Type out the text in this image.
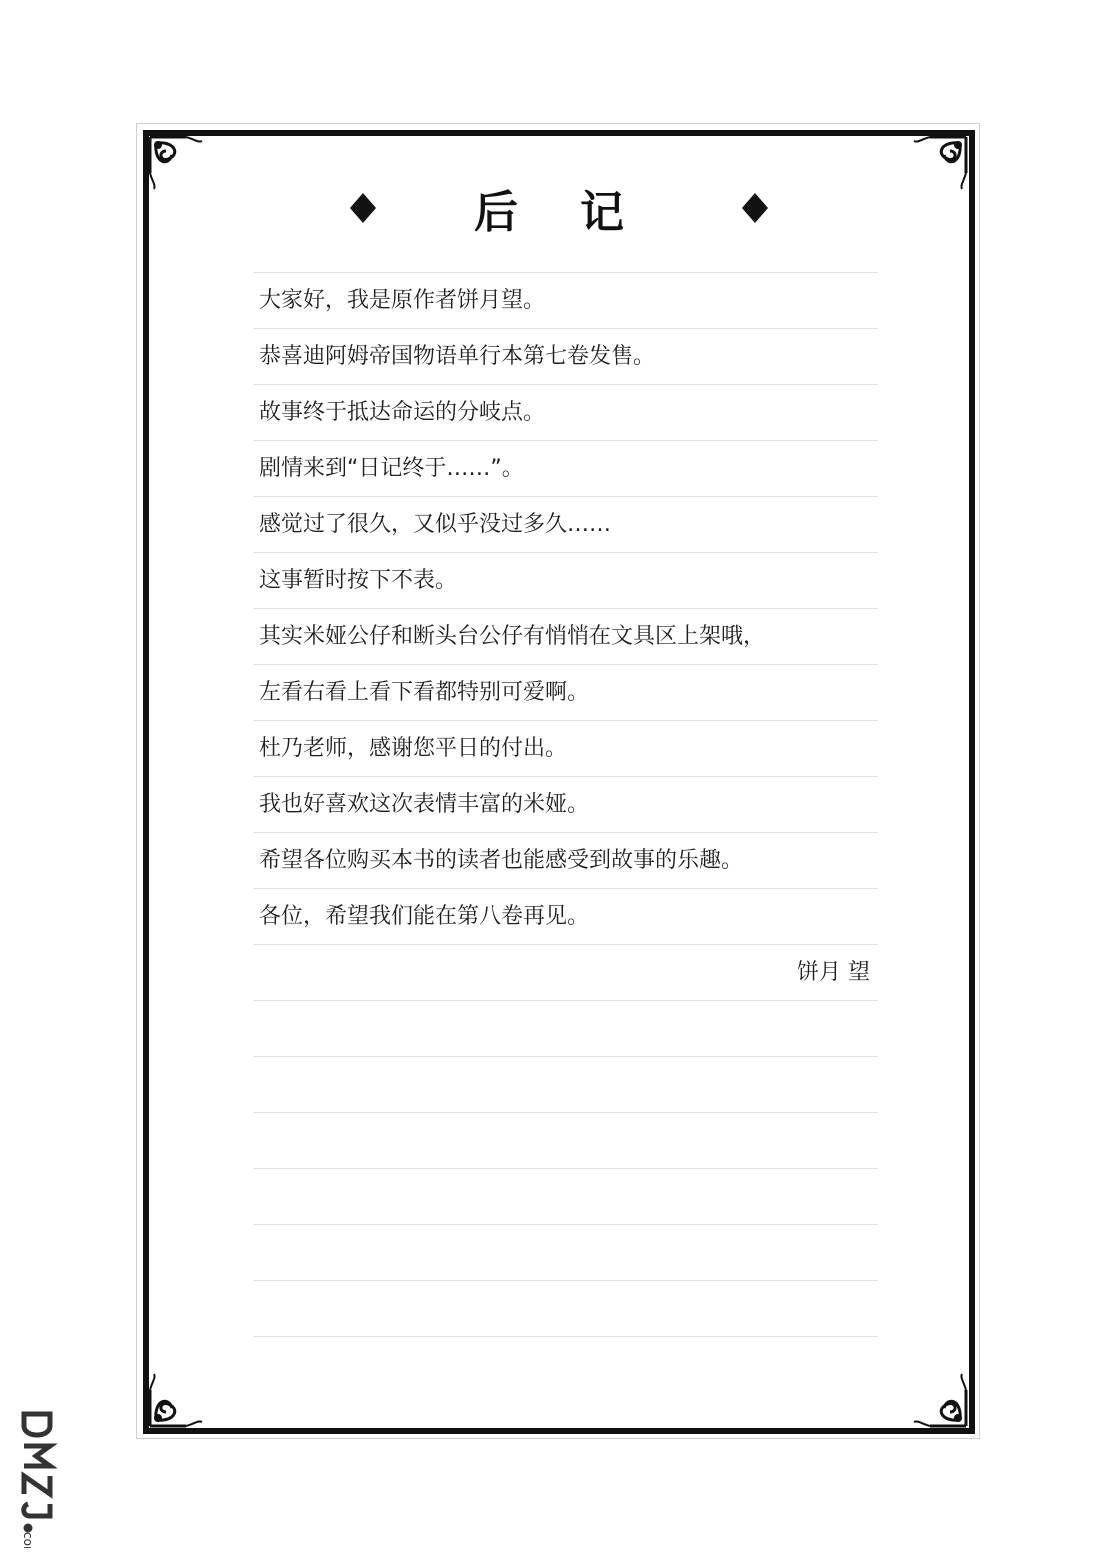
后记
大家好，我是原作者饼月望。
恭喜迪阿姆帝国物语单行本第七卷发售。
故事终于抵达命运的分岐点。
剧情来到“日记终于……”。
感觉过了很久，又似乎没过多久……
这事暂时按下不表。
其实米娅公仔和断头台公仔有悄悄在文具区上架哦，
左看右看上看下看都特别可爱啊。
杜乃老师，感谢您平日的付出。
我也好喜欢这次表情丰富的米娅。
希望各位购买本书的读者也能感受到故事的乐趣。
各位，希望我们能在第八卷再见。
饼月 望
com
